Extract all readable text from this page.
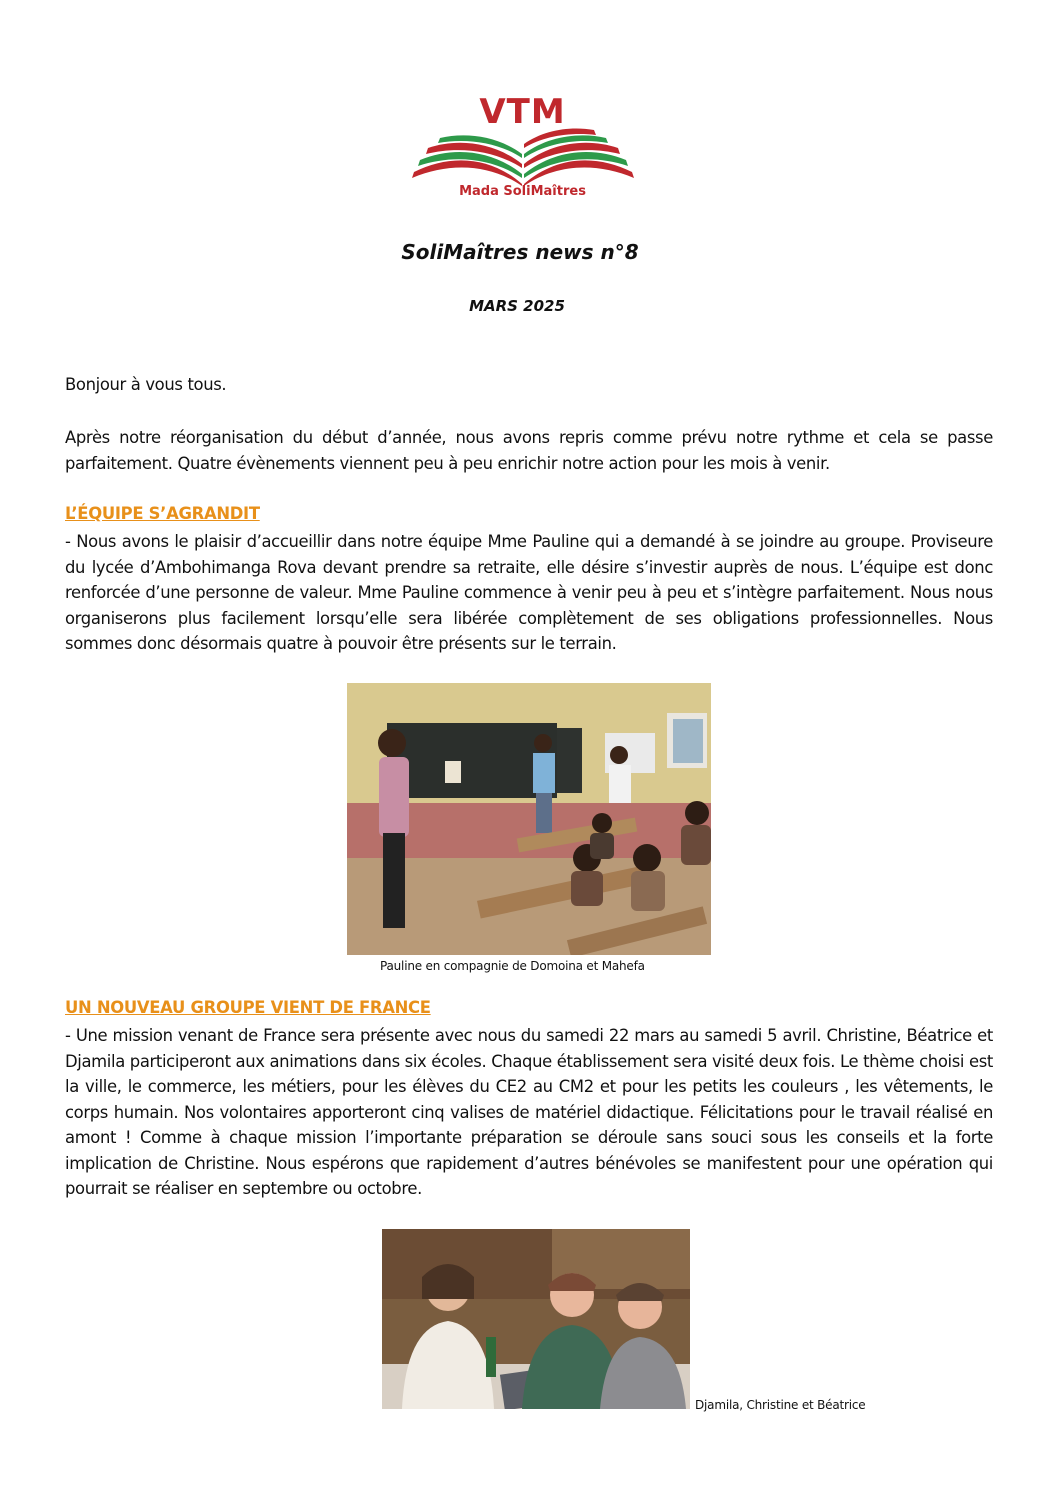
VTM
Mada SoliMaîtres
SoliMaîtres news n°8
MARS 2025
Bonjour à vous tous.
Après notre réorganisation du début d’année, nous avons repris comme prévu notre rythme et cela se passe parfaitement. Quatre évènements viennent peu à peu enrichir notre action pour les mois à venir.
L’ÉQUIPE S’AGRANDIT
- Nous avons le plaisir d’accueillir dans notre équipe Mme Pauline qui a demandé à se joindre au groupe. Proviseure du lycée d’Ambohimanga Rova devant prendre sa retraite, elle désire s’investir auprès de nous. L’équipe est donc renforcée d’une personne de valeur. Mme Pauline commence à venir peu à peu et s’intègre parfaitement. Nous nous organiserons plus facilement lorsqu’elle sera libérée complètement de ses obligations professionnelles. Nous sommes donc désormais quatre à pouvoir être présents sur le terrain.
Pauline en compagnie de Domoina et Mahefa
UN NOUVEAU GROUPE VIENT DE FRANCE
- Une mission venant de France sera présente avec nous du samedi 22 mars au samedi 5 avril. Christine, Béatrice et Djamila participeront aux animations dans six écoles. Chaque établissement sera visité deux fois. Le thème choisi est la ville, le commerce, les métiers, pour les élèves du CE2 au CM2 et pour les petits les couleurs , les vêtements, le corps humain. Nos volontaires apporteront cinq valises de matériel didactique. Félicitations pour le travail réalisé en amont ! Comme à chaque mission l’importante préparation se déroule sans souci sous les conseils et la forte implication de Christine. Nous espérons que rapidement d’autres bénévoles se manifestent pour une opération qui pourrait se réaliser en septembre ou octobre.
Djamila, Christine et Béatrice
